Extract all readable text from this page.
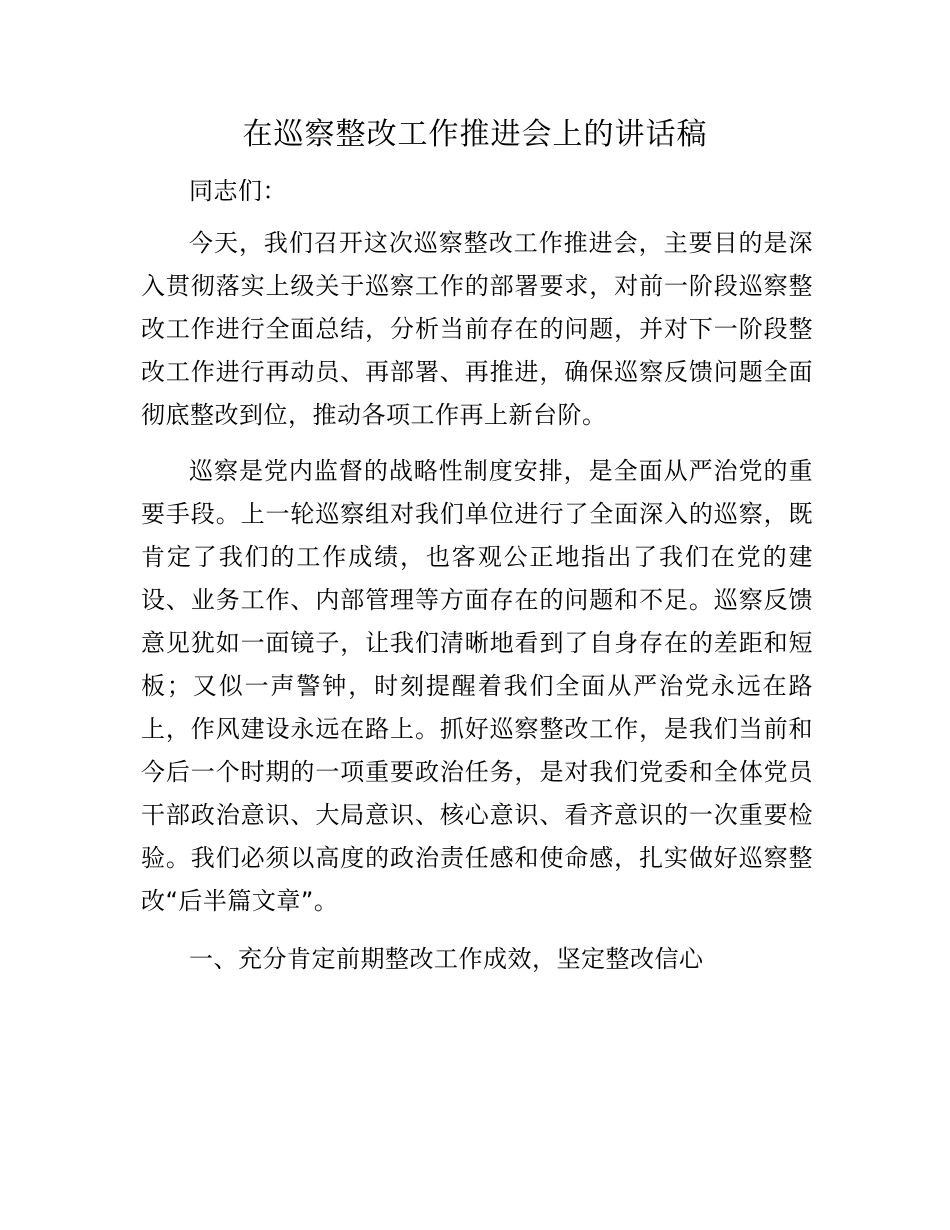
在巡察整改工作推进会上的讲话稿

同志们：

今天，我们召开这次巡察整改工作推进会，主要目的是深入贯彻落实上级关于巡察工作的部署要求，对前一阶段巡察整改工作进行全面总结，分析当前存在的问题，并对下一阶段整改工作进行再动员、再部署、再推进，确保巡察反馈问题全面彻底整改到位，推动各项工作再上新台阶。

巡察是党内监督的战略性制度安排，是全面从严治党的重要手段。上一轮巡察组对我们单位进行了全面深入的巡察，既肯定了我们的工作成绩，也客观公正地指出了我们在党的建设、业务工作、内部管理等方面存在的问题和不足。巡察反馈意见犹如一面镜子，让我们清晰地看到了自身存在的差距和短板；又似一声警钟，时刻提醒着我们全面从严治党永远在路上，作风建设永远在路上。抓好巡察整改工作，是我们当前和今后一个时期的一项重要政治任务，是对我们党委和全体党员干部政治意识、大局意识、核心意识、看齐意识的一次重要检验。我们必须以高度的政治责任感和使命感，扎实做好巡察整改“后半篇文章”。

一、充分肯定前期整改工作成效，坚定整改信心
